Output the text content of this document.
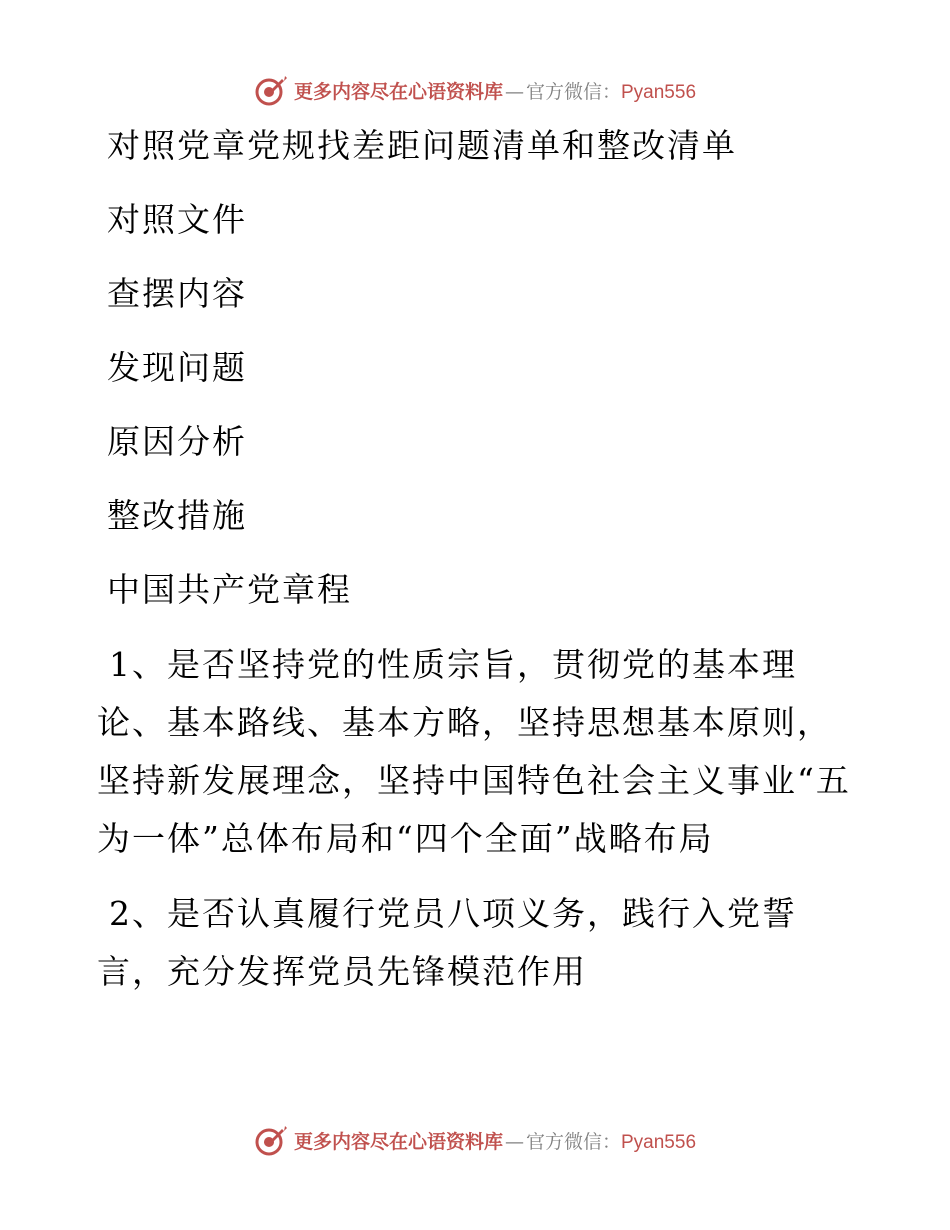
更多内容尽在心语资料库 — 官方微信： Pyan556
对照党章党规找差距问题清单和整改清单
对照文件
查摆内容
发现问题
原因分析
整改措施
中国共产党章程

1、是否坚持党的性质宗旨，贯彻党的基本理论、基本路线、基本方略，坚持思想基本原则，坚持新发展理念，坚持中国特色社会主义事业“五为一体”总体布局和“四个全面”战略布局

2、是否认真履行党员八项义务，践行入党誓言，充分发挥党员先锋模范作用

更多内容尽在心语资料库 — 官方微信： Pyan556
